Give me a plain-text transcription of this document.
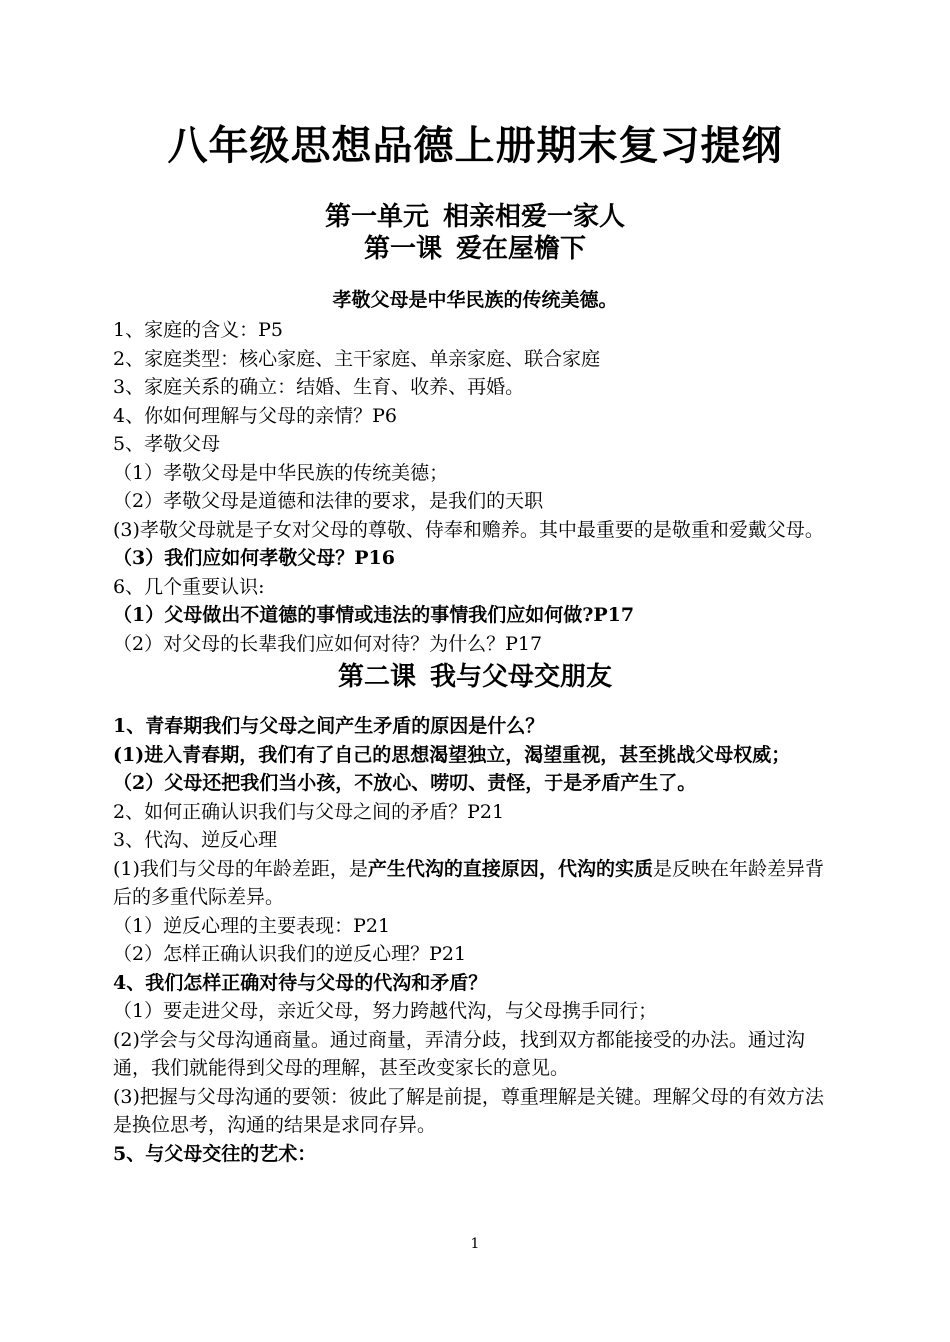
八年级思想品德上册期末复习提纲
第一单元 相亲相爱一家人
第一课 爱在屋檐下
孝敬父母是中华民族的传统美德。

1、家庭的含义：P5

2、家庭类型：核心家庭、主干家庭、单亲家庭、联合家庭

3、家庭关系的确立：结婚、生育、收养、再婚。

4、你如何理解与父母的亲情？P6

5、孝敬父母

（1）孝敬父母是中华民族的传统美德；

（2）孝敬父母是道德和法律的要求，是我们的天职

(3)孝敬父母就是子女对父母的尊敬、侍奉和赡养。其中最重要的是敬重和爱戴父母。

（3）我们应如何孝敬父母？P16

6、几个重要认识:

（1）父母做出不道德的事情或违法的事情我们应如何做?P17

（2）对父母的长辈我们应如何对待？为什么？P17

第二课 我与父母交朋友

1、青春期我们与父母之间产生矛盾的原因是什么？

(1)进入青春期，我们有了自己的思想渴望独立，渴望重视，甚至挑战父母权威；

（2）父母还把我们当小孩，不放心、唠叨、责怪，于是矛盾产生了。

2、如何正确认识我们与父母之间的矛盾？P21

3、代沟、逆反心理

(1)我们与父母的年龄差距，是产生代沟的直接原因，代沟的实质是反映在年龄差异背后的多重代际差异。

（1）逆反心理的主要表现：P21

（2）怎样正确认识我们的逆反心理？P21

4、我们怎样正确对待与父母的代沟和矛盾？

（1）要走进父母，亲近父母，努力跨越代沟，与父母携手同行；

(2)学会与父母沟通商量。通过商量，弄清分歧，找到双方都能接受的办法。通过沟通，我们就能得到父母的理解，甚至改变家长的意见。

(3)把握与父母沟通的要领：彼此了解是前提，尊重理解是关键。理解父母的有效方法是换位思考，沟通的结果是求同存异。

5、与父母交往的艺术：

1
